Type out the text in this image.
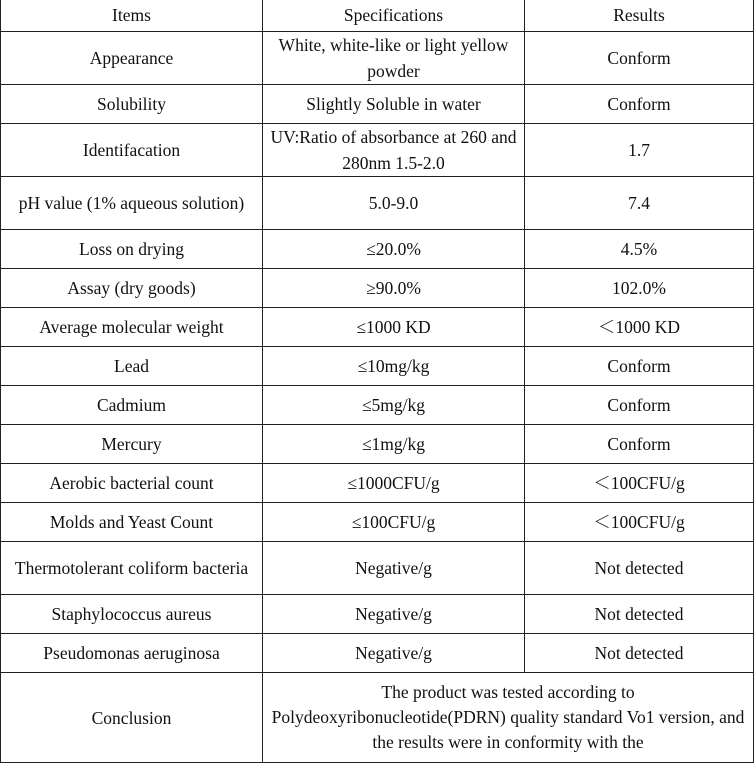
Items	Specifications	Results
Appearance	White, white-like or light yellow powder	Conform
Solubility	Slightly Soluble in water	Conform
Identifacation	UV:Ratio of absorbance at 260 and 280nm 1.5-2.0	1.7
pH value (1% aqueous solution)	5.0-9.0	7.4
Loss on drying	≤20.0%	4.5%
Assay (dry goods)	≥90.0%	102.0%
Average molecular weight	≤1000 KD	＜1000 KD
Lead	≤10mg/kg	Conform
Cadmium	≤5mg/kg	Conform
Mercury	≤1mg/kg	Conform
Aerobic bacterial count	≤1000CFU/g	＜100CFU/g
Molds and Yeast Count	≤100CFU/g	＜100CFU/g
Thermotolerant coliform bacteria	Negative/g	Not detected
Staphylococcus aureus	Negative/g	Not detected
Pseudomonas aeruginosa	Negative/g	Not detected
Conclusion	The product was tested according to Polydeoxyribonucleotide(PDRN) quality standard Vo1 version, and the results were in conformity with the	
